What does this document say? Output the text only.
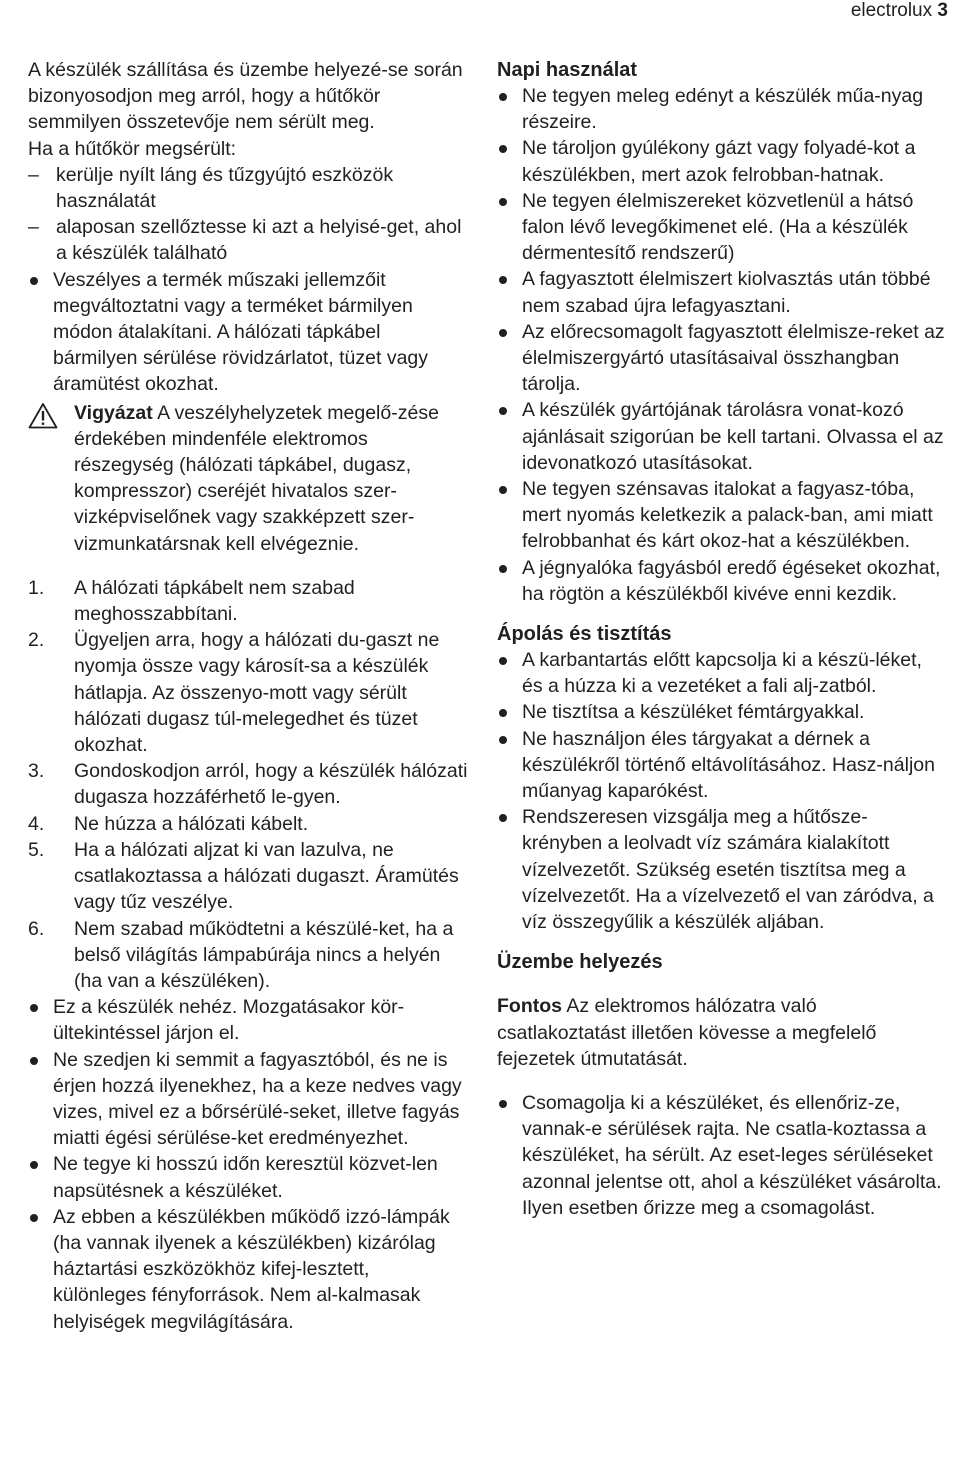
electrolux 3

A készülék szállítása és üzembe helyezé-se során bizonyosodjon meg arról, hogy a hűtőkör semmilyen összetevője nem sérült meg.

Ha a hűtőkör megsérült:

– kerülje nyílt láng és tűzgyújtó eszközök használatát
– alaposan szellőztesse ki azt a helyisé-get, ahol a készülék található
Veszélyes a termék műszaki jellemzőit megváltoztatni vagy a terméket bármilyen módon átalakítani. A hálózati tápkábel bármilyen sérülése rövidzárlatot, tüzet vagy áramütést okozhat.
Vigyázat A veszélyhelyzetek megelő-zése érdekében mindenféle elektromos részegység (hálózati tápkábel, dugasz, kompresszor) cseréjét hivatalos szer-vizképviselőnek vagy szakképzett szer-vizmunkatársnak kell elvégeznie.
1. A hálózati tápkábelt nem szabad meghosszabbítani.
2. Ügyeljen arra, hogy a hálózati du-gaszt ne nyomja össze vagy károsít-sa a készülék hátlapja. Az összenyo-mott vagy sérült hálózati dugasz túl-melegedhet és tüzet okozhat.
3. Gondoskodjon arról, hogy a készülék hálózati dugasza hozzáférhető le-gyen.
4. Ne húzza a hálózati kábelt.
5. Ha a hálózati aljzat ki van lazulva, ne csatlakoztassa a hálózati dugaszt. Áramütés vagy tűz veszélye.
6. Nem szabad működtetni a készülé-ket, ha a belső világítás lámpabúrája nincs a helyén (ha van a készüléken).
Ez a készülék nehéz. Mozgatásakor kör-ültekintéssel járjon el.
Ne szedjen ki semmit a fagyasztóból, és ne is érjen hozzá ilyenekhez, ha a keze nedves vagy vizes, mivel ez a bőrsérülé-seket, illetve fagyás miatti égési sérülése-ket eredményezhet.
Ne tegye ki hosszú időn keresztül közvet-len napsütésnek a készüléket.
Az ebben a készülékben működő izzó-lámpák (ha vannak ilyenek a készülékben) kizárólag háztartási eszközökhöz kifej-lesztett, különleges fényforrások. Nem al-kalmasak helyiségek megvilágítására.
Napi használat
Ne tegyen meleg edényt a készülék műa-nyag részeire.
Ne tároljon gyúlékony gázt vagy folyadé-kot a készülékben, mert azok felrobban-hatnak.
Ne tegyen élelmiszereket közvetlenül a hátsó falon lévő levegőkimenet elé. (Ha a készülék dérmentesítő rendszerű)
A fagyasztott élelmiszert kiolvasztás után többé nem szabad újra lefagyasztani.
Az előrecsomagolt fagyasztott élelmisze-reket az élelmiszergyártó utasításaival összhangban tárolja.
A készülék gyártójának tárolásra vonat-kozó ajánlásait szigorúan be kell tartani. Olvassa el az idevonatkozó utasításokat.
Ne tegyen szénsavas italokat a fagyasz-tóba, mert nyomás keletkezik a palack-ban, ami miatt felrobbanhat és kárt okoz-hat a készülékben.
A jégnyalóka fagyásból eredő égéseket okozhat, ha rögtön a készülékből kivéve enni kezdik.
Ápolás és tisztítás
A karbantartás előtt kapcsolja ki a készü-léket, és a húzza ki a vezetéket a fali alj-zatból.
Ne tisztítsa a készüléket fémtárgyakkal.
Ne használjon éles tárgyakat a dérnek a készülékről történő eltávolításához. Hasz-náljon műanyag kaparókést.
Rendszeresen vizsgálja meg a hűtősze-krényben a leolvadt víz számára kialakított vízelvezetőt. Szükség esetén tisztítsa meg a vízelvezetőt. Ha a vízelvezető el van záródva, a víz összegyűlik a készülék aljában.
Üzembe helyezés

Fontos Az elektromos hálózatra való csatlakoztatást illetően kövesse a megfelelő fejezetek útmutatását.

Csomagolja ki a készüléket, és ellenőriz-ze, vannak-e sérülések rajta. Ne csatla-koztassa a készüléket, ha sérült. Az eset-leges sérüléseket azonnal jelentse ott, ahol a készüléket vásárolta. Ilyen esetben őrizze meg a csomagolást.
